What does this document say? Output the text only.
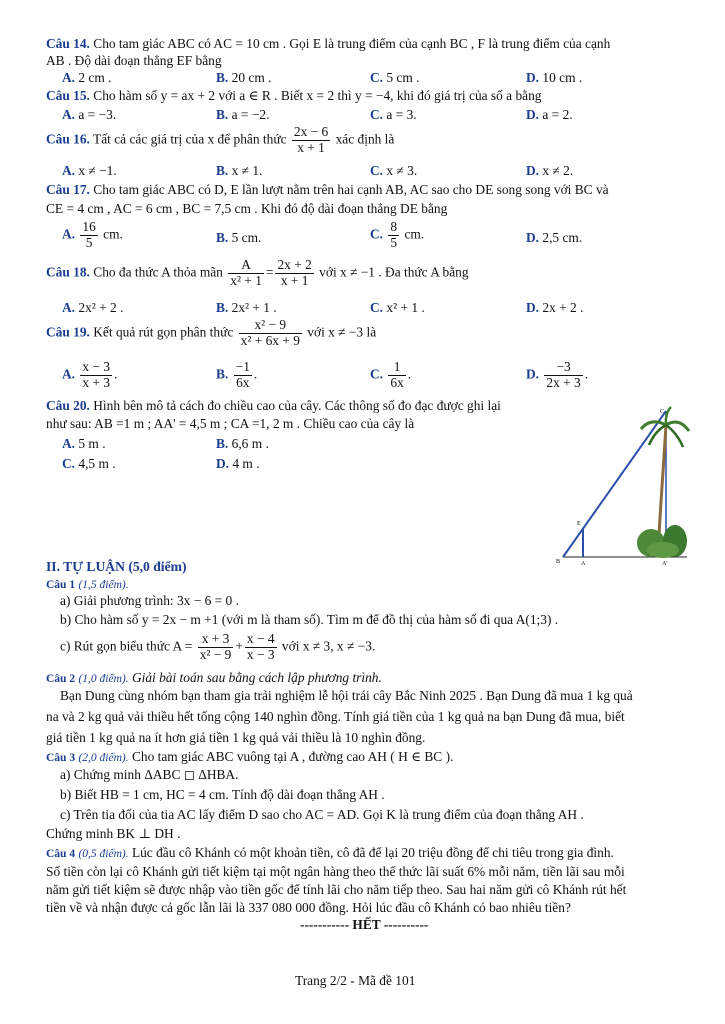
Câu 14. Cho tam giác ABC có AC = 10 cm . Gọi E là trung điểm của cạnh BC , F là trung điểm của cạnh
AB . Độ dài đoạn thẳng EF bằng
A. 2 cm .	B. 20 cm .	C. 5 cm .	D. 10 cm .
Câu 15. Cho hàm số y = ax + 2 với a ∈ R . Biết x = 2 thì y = −4, khi đó giá trị của số a bằng
A. a = −3.	B. a = −2.	C. a = 3.	D. a = 2.
Câu 16. Tất cả các giá trị của x để phân thức $\frac{2x - 6}{x + 1}$ xác định là
A. x ≠ −1.	B. x ≠ 1.	C. x ≠ 3.	D. x ≠ 2.
Câu 17. Cho tam giác ABC có D, E lần lượt nằm trên hai cạnh AB, AC sao cho DE song song với BC và
CE = 4 cm , AC = 6 cm , BC = 7,5 cm . Khi đó độ dài đoạn thẳng DE bằng
A. $\frac{16}{5}$ cm.	B. 5 cm.	C. $\frac{8}{5}$ cm.	D. 2,5 cm.
Câu 18. Cho đa thức A thỏa mãn $\frac{A}{\text{x² + 1}} = \frac{2x + 2}{x + 1}$ với x ≠ −1 . Đa thức A bằng
A. 2x² + 2 .	B. 2x² + 1 .	C. x² + 1 .	D. 2x + 2 .
Câu 19. Kết quả rút gọn phân thức $\frac{\text{x² − 9}}{\text{x² + 6x + 9}}$ với x ≠ −3 là
A. $\frac{x - 3}{x + 3}$ .	B. $\frac{-1}{6x}$ .	C. $\frac{1}{6x}$ .	D. $\frac{-3}{2x + 3}$ .
Câu 20. Hình bên mô tả cách đo chiều cao của cây. Các thông số đo đạc được ghi lại
như sau: AB =1 m ; AA' = 4,5 m ; CA =1, 2 m . Chiều cao của cây là
A. 5 m .	B. 6,6 m .
C. 4,5 m .	D. 4 m .
C
E
B	A	A'
II. TỰ LUẬN (5,0 điểm)
Câu 1 (1,5 điểm).
a) Giải phương trình: 3x − 6 = 0 .
b) Cho hàm số y = 2x − m +1 (với m là tham số). Tìm m để đồ thị của hàm số đi qua A(1;3) .
c) Rút gọn biểu thức $A = \frac{x + 3}{\text{x² − 9}} + \frac{x - 4}{x - 3}$ với x ≠ 3, x ≠ −3.
Câu 2 (1,0 điểm). Giải bài toán sau bằng cách lập phương trình.
Bạn Dung cùng nhóm bạn tham gia trải nghiệm lễ hội trái cây Bắc Ninh 2025 . Bạn Dung đã mua 1 kg quả
na và 2 kg quả vải thiều hết tổng cộng 140 nghìn đồng. Tính giá tiền của 1 kg quả na bạn Dung đã mua, biết
giá tiền 1 kg quả na ít hơn giá tiền 1 kg quả vải thiều là 10 nghìn đồng.
Câu 3 (2,0 điểm). Cho tam giác ABC vuông tại A , đường cao AH ( H ∈ BC ).
a) Chứng minh ΔABC ◻ ΔHBA.
b) Biết HB = 1 cm, HC = 4 cm. Tính độ dài đoạn thẳng AH .
c) Trên tia đối của tia AC lấy điểm D sao cho AC = AD. Gọi K là trung điểm của đoạn thẳng AH .
Chứng minh BK ⊥ DH .
Câu 4 (0,5 điểm). Lúc đầu cô Khánh có một khoản tiền, cô đã để lại 20 triệu đồng để chi tiêu trong gia đình.
Số tiền còn lại cô Khánh gửi tiết kiệm tại một ngân hàng theo thể thức lãi suất 6% mỗi năm, tiền lãi sau mỗi
năm gửi tiết kiệm sẽ được nhập vào tiền gốc để tính lãi cho năm tiếp theo. Sau hai năm gửi cô Khánh rút hết
tiền về và nhận được cả gốc lẫn lãi là 337 080 000 đồng. Hỏi lúc đầu cô Khánh có bao nhiêu tiền?
----------- HẾT ----------
Trang 2/2 - Mã đề 101
